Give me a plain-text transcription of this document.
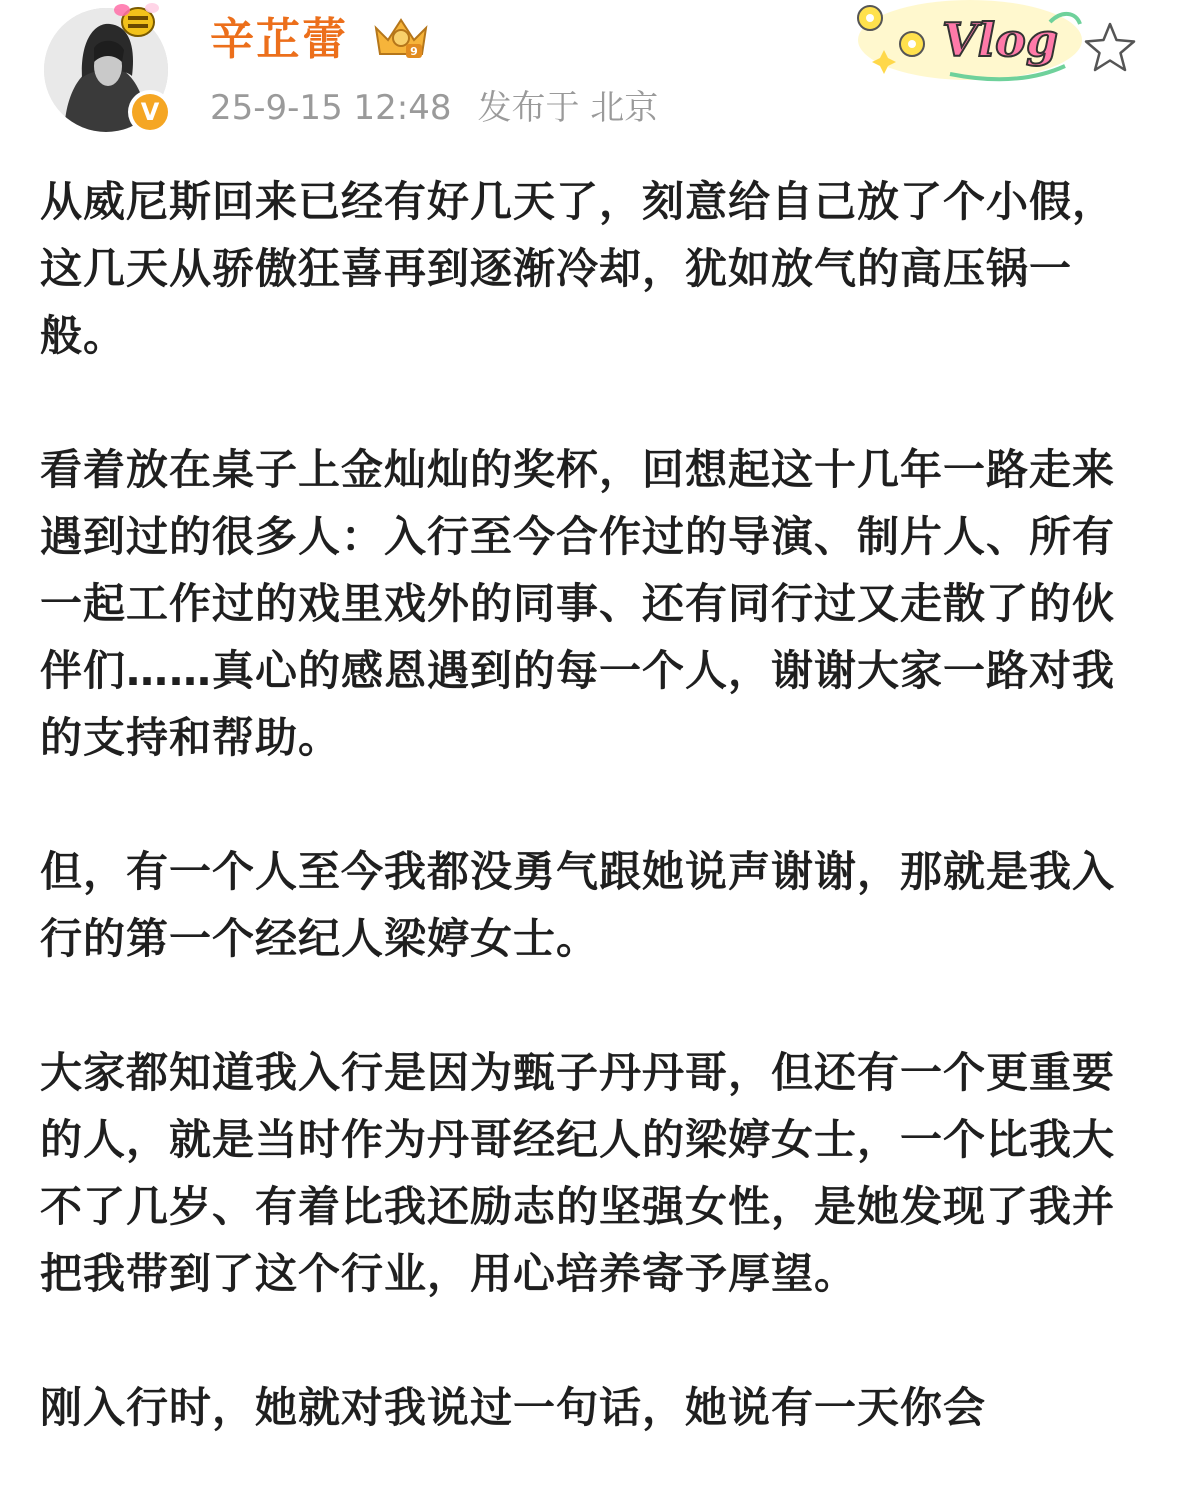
V
辛芷蕾	9
25-9-15 12:48 发布于 北京
Vlog

从威尼斯回来已经有好几天了，刻意给自己放了个小假，这几天从骄傲狂喜再到逐渐冷却，犹如放气的高压锅一般。

看着放在桌子上金灿灿的奖杯，回想起这十几年一路走来遇到过的很多人：入行至今合作过的导演、制片人、所有一起工作过的戏里戏外的同事、还有同行过又走散了的伙伴们……真心的感恩遇到的每一个人，谢谢大家一路对我的支持和帮助。

但，有一个人至今我都没勇气跟她说声谢谢，那就是我入行的第一个经纪人梁婷女士。

大家都知道我入行是因为甄子丹丹哥，但还有一个更重要的人，就是当时作为丹哥经纪人的梁婷女士，一个比我大不了几岁、有着比我还励志的坚强女性，是她发现了我并把我带到了这个行业，用心培养寄予厚望。

刚入行时，她就对我说过一句话，她说有一天你会
